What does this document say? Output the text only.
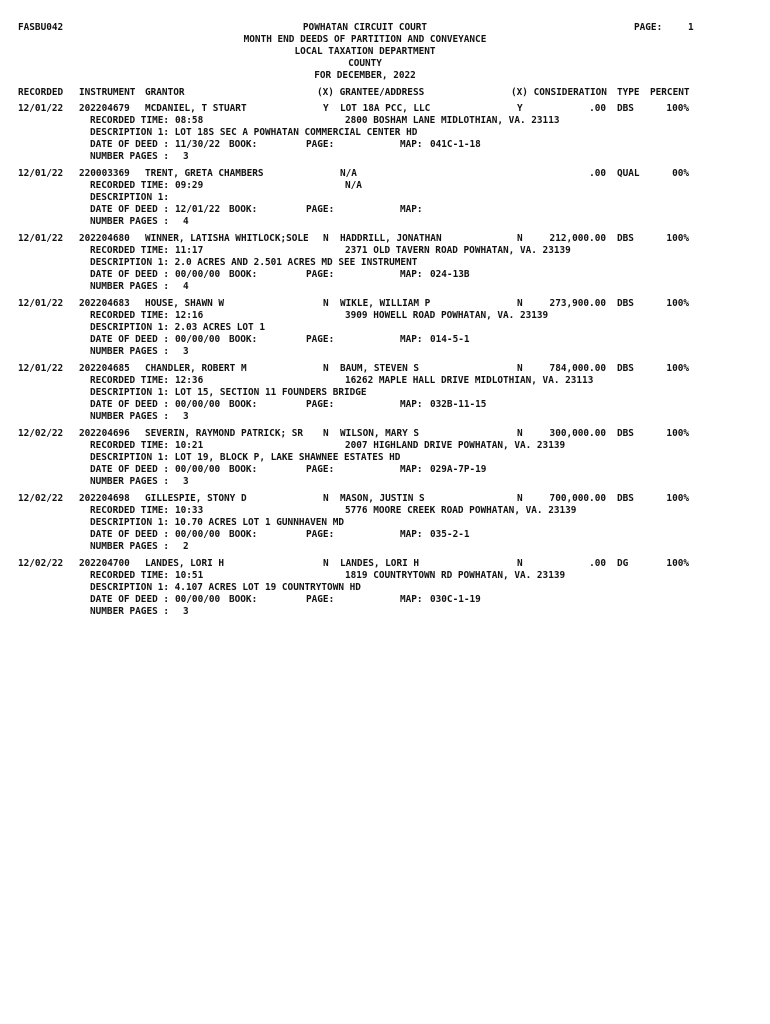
FASBU042	PAGE:	1
POWHATAN CIRCUIT COURT
MONTH END DEEDS OF PARTITION AND CONVEYANCE
LOCAL TAXATION DEPARTMENT
COUNTY
FOR DECEMBER, 2022
RECORDED INSTRUMENT GRANTOR	(X) GRANTEE/ADDRESS	(X) CONSIDERATION TYPE PERCENT
12/01/22 202204679 MCDANIEL, T STUART	Y LOT 18A PCC, LLC	Y	.00 DBS	100%
RECORDED TIME: 08:58	2800 BOSHAM LANE MIDLOTHIAN, VA. 23113
DESCRIPTION 1: LOT 18S SEC A POWHATAN COMMERCIAL CENTER HD
DATE OF DEED : 11/30/22 BOOK:	PAGE:	MAP: 041C-1-18
NUMBER PAGES : 3
12/01/22 220003369 TRENT, GRETA CHAMBERS	N/A	.00 QUAL	00%
RECORDED TIME: 09:29	N/A
DESCRIPTION 1:
DATE OF DEED : 12/01/22 BOOK:	PAGE:	MAP:
NUMBER PAGES : 4
12/01/22 202204680 WINNER, LATISHA WHITLOCK;SOLE N HADDRILL, JONATHAN	N	212,000.00 DBS	100%
RECORDED TIME: 11:17	2371 OLD TAVERN ROAD POWHATAN, VA. 23139
DESCRIPTION 1: 2.0 ACRES AND 2.501 ACRES MD SEE INSTRUMENT
DATE OF DEED : 00/00/00 BOOK:	PAGE:	MAP: 024-13B
NUMBER PAGES : 4
12/01/22 202204683 HOUSE, SHAWN W	N WIKLE, WILLIAM P	N	273,900.00 DBS	100%
RECORDED TIME: 12:16	3909 HOWELL ROAD POWHATAN, VA. 23139
DESCRIPTION 1: 2.03 ACRES LOT 1
DATE OF DEED : 00/00/00 BOOK:	PAGE:	MAP: 014-5-1
NUMBER PAGES : 3
12/01/22 202204685 CHANDLER, ROBERT M	N BAUM, STEVEN S	N	784,000.00 DBS	100%
RECORDED TIME: 12:36	16262 MAPLE HALL DRIVE MIDLOTHIAN, VA. 23113
DESCRIPTION 1: LOT 15, SECTION 11 FOUNDERS BRIDGE
DATE OF DEED : 00/00/00 BOOK:	PAGE:	MAP: 032B-11-15
NUMBER PAGES : 3
12/02/22 202204696 SEVERIN, RAYMOND PATRICK; SR N WILSON, MARY S	N	300,000.00 DBS	100%
RECORDED TIME: 10:21	2007 HIGHLAND DRIVE POWHATAN, VA. 23139
DESCRIPTION 1: LOT 19, BLOCK P, LAKE SHAWNEE ESTATES HD
DATE OF DEED : 00/00/00 BOOK:	PAGE:	MAP: 029A-7P-19
NUMBER PAGES : 3
12/02/22 202204698 GILLESPIE, STONY D	N MASON, JUSTIN S	N	700,000.00 DBS	100%
RECORDED TIME: 10:33	5776 MOORE CREEK ROAD POWHATAN, VA. 23139
DESCRIPTION 1: 10.70 ACRES LOT 1 GUNNHAVEN MD
DATE OF DEED : 00/00/00 BOOK:	PAGE:	MAP: 035-2-1
NUMBER PAGES : 2
12/02/22 202204700 LANDES, LORI H	N LANDES, LORI H	N	.00 DG	100%
RECORDED TIME: 10:51	1819 COUNTRYTOWN RD POWHATAN, VA. 23139
DESCRIPTION 1: 4.107 ACRES LOT 19 COUNTRYTOWN HD
DATE OF DEED : 00/00/00 BOOK:	PAGE:	MAP: 030C-1-19
NUMBER PAGES : 3
